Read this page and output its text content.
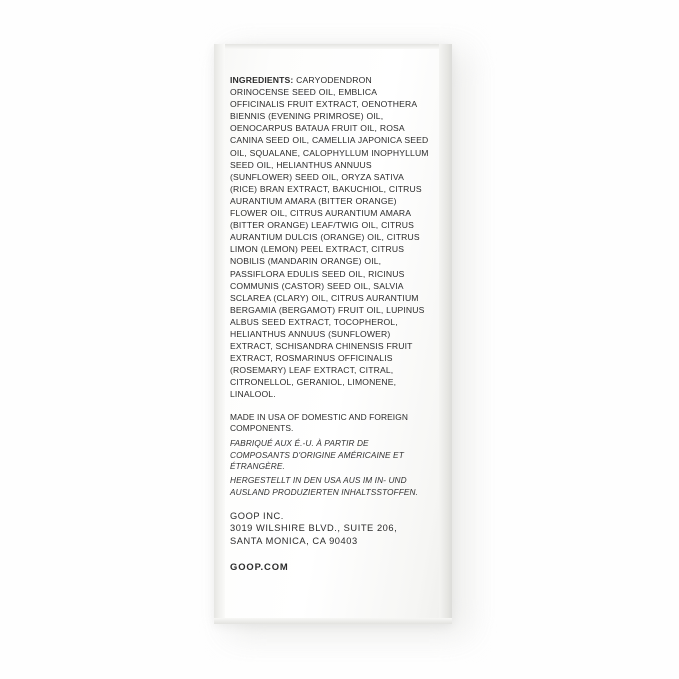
INGREDIENTS: CARYODENDRON ORINOCENSE SEED OIL, EMBLICA OFFICINALIS FRUIT EXTRACT, OENOTHERA BIENNIS (EVENING PRIMROSE) OIL, OENOCARPUS BATAUA FRUIT OIL, ROSA CANINA SEED OIL, CAMELLIA JAPONICA SEED OIL, SQUALANE, CALOPHYLLUM INOPHYLLUM SEED OIL, HELIANTHUS ANNUUS (SUNFLOWER) SEED OIL, ORYZA SATIVA (RICE) BRAN EXTRACT, BAKUCHIOL, CITRUS AURANTIUM AMARA (BITTER ORANGE) FLOWER OIL, CITRUS AURANTIUM AMARA (BITTER ORANGE) LEAF/TWIG OIL, CITRUS AURANTIUM DULCIS (ORANGE) OIL, CITRUS LIMON (LEMON) PEEL EXTRACT, CITRUS NOBILIS (MANDARIN ORANGE) OIL, PASSIFLORA EDULIS SEED OIL, RICINUS COMMUNIS (CASTOR) SEED OIL, SALVIA SCLAREA (CLARY) OIL, CITRUS AURANTIUM BERGAMIA (BERGAMOT) FRUIT OIL, LUPINUS ALBUS SEED EXTRACT, TOCOPHEROL, HELIANTHUS ANNUUS (SUNFLOWER) EXTRACT, SCHISANDRA CHINENSIS FRUIT EXTRACT, ROSMARINUS OFFICINALIS (ROSEMARY) LEAF EXTRACT, CITRAL, CITRONELLOL, GERANIOL, LIMONENE, LINALOOL.

MADE IN USA OF DOMESTIC AND FOREIGN COMPONENTS.

FABRIQUÉ AUX É.-U. À PARTIR DE COMPOSANTS D'ORIGINE AMÉRICAINE ET ÉTRANGÈRE.

HERGESTELLT IN DEN USA AUS IM IN- UND AUSLAND PRODUZIERTEN INHALTSSTOFFEN.

GOOP INC.
3019 WILSHIRE BLVD., SUITE 206,
SANTA MONICA, CA 90403
GOOP.COM
